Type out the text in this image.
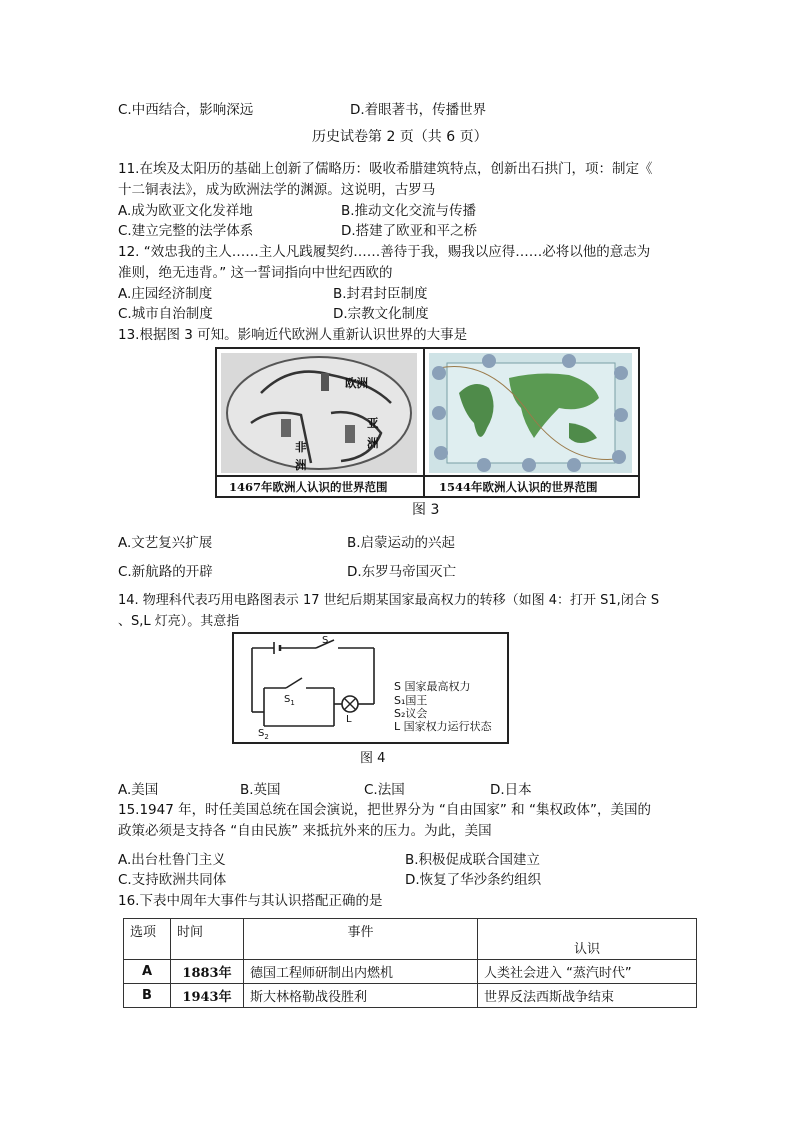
C.中西结合，影响深远	D.着眼著书，传播世界
历史试卷第 2 页（共 6 页）
11.在埃及太阳历的基础上创新了儒略历：吸收希腊建筑特点，创新出石拱门，项：制定《
十二铜表法》，成为欧洲法学的渊源。这说明，古罗马
A.成为欧亚文化发祥地	B.推动文化交流与传播
C.建立完整的法学体系	D.搭建了欧亚和平之桥
12. “效忠我的主人……主人凡践履契约……善待于我，赐我以应得……必将以他的意志为
准则，绝无违背。” 这一誓词指向中世纪西欧的
A.庄园经济制度	B.封君封臣制度
C.城市自治制度	D.宗教文化制度
13.根据图 3 可知。影响近代欧洲人重新认识世界的大事是
欧洲
亚
洲
非
洲
1467年欧洲人认识的世界范围	1544年欧洲人认识的世界范围
图 3
A.文艺复兴扩展	B.启蒙运动的兴起
C.新航路的开辟	D.东罗马帝国灭亡
14. 物理科代表巧用电路图表示 17 世纪后期某国家最高权力的转移（如图 4：打开 S1,闭合 S
、S,L 灯亮）。其意指
S
$S_1$
$S_2$
L
S 国家最高权力
S₁国王
S₂议会
L 国家权力运行状态
图 4
A.美国	B.英国	C.法国	D.日本
15.1947 年，时任美国总统在国会演说，把世界分为 “自由国家” 和 “集权政体”，美国的
政策必须是支持各 “自由民族” 来抵抗外来的压力。为此，美国
A.出台杜鲁门主义	B.积极促成联合国建立
C.支持欧洲共同体	D.恢复了华沙条约组织
16.下表中周年大事件与其认识搭配正确的是
选项	时间	事件	认识
A	1883年	德国工程师研制出内燃机	人类社会进入 “蒸汽时代”
B	1943年	斯大林格勒战役胜利	世界反法西斯战争结束
